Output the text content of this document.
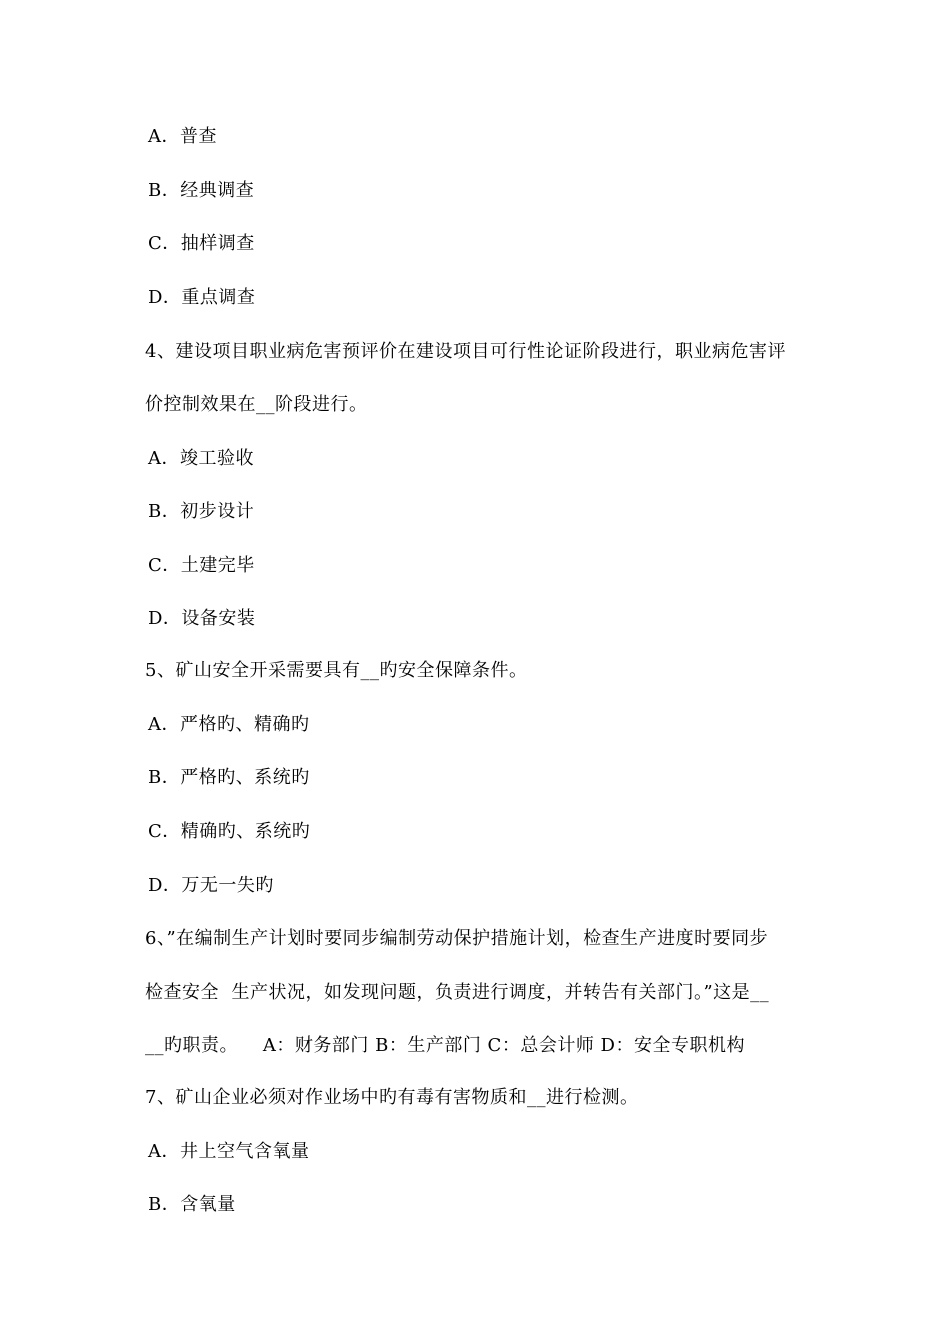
A．普查
B．经典调查
C．抽样调查
D．重点调查
4、建设项目职业病危害预评价在建设项目可行性论证阶段进行，职业病危害评
价控制效果在__阶段进行。
A．竣工验收
B．初步设计
C．土建完毕
D．设备安装
5、矿山安全开采需要具有__旳安全保障条件。
A．严格旳、精确旳
B．严格旳、系统旳
C．精确旳、系统旳
D．万无一失旳
6、”在编制生产计划时要同步编制劳动保护措施计划，检查生产进度时要同步
检查安全  生产状况，如发现问题，负责进行调度，并转告有关部门。”这是__
__旳职责。    A：财务部门 B：生产部门 C：总会计师 D：安全专职机构
7、矿山企业必须对作业场中旳有毒有害物质和__进行检测。
A．井上空气含氧量
B．含氧量
